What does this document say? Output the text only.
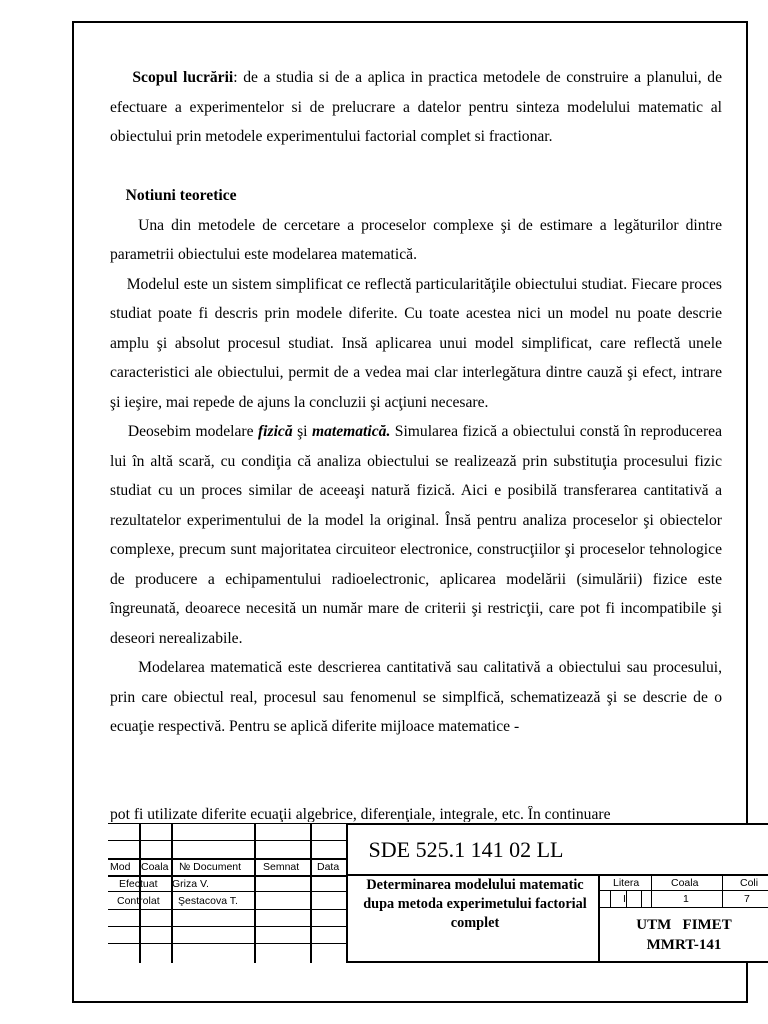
Scopul lucrării: de a studia si de a aplica in practica metodele de construire a planului, de efectuare a experimentelor si de prelucrare a datelor pentru sinteza modelului matematic al obiectului prin metodele experimentului factorial complet si fractionar.

Notiuni teoretice

Una din metodele de cercetare a proceselor complexe şi de estimare a legăturilor dintre parametrii obiectului este modelarea matematică.

Modelul este un sistem simplificat ce reflectă particularităţile obiectului studiat. Fiecare proces studiat poate fi descris prin modele diferite. Cu toate acestea nici un model nu poate descrie amplu şi absolut procesul studiat. Insă aplicarea unui model simplificat, care reflectă unele caracteristici ale obiectului, permit de a vedea mai clar interlegătura dintre cauză şi efect, intrare şi ieşire, mai repede de ajuns la concluzii şi acţiuni necesare.

Deosebim modelare fizică şi matematică. Simularea fizică a obiectului constă în reproducerea lui în altă scară, cu condiţia că analiza obiectului se realizează prin substituţia procesului fizic studiat cu un proces similar de aceeaşi natură fizică. Aici e posibilă transferarea cantitativă a rezultatelor experimentului de la model la original. Însă pentru analiza proceselor şi obiectelor complexe, precum sunt majoritatea circuiteor electronice, construcţiilor şi proceselor tehnologice de producere a echipamentului radioelectronic, aplicarea modelării (simulării) fizice este îngreunată, deoarece necesită un număr mare de criterii şi restricţii, care pot fi incompatibile şi deseori nerealizabile.

Modelarea matematică este descrierea cantitativă sau calitativă a obiectului sau procesului, prin care obiectul real, procesul sau fenomenul se simplfică, schematizează şi se descrie de o ecuaţie respectivă. Pentru se aplică diferite mijloace matematice -

pot fi utilizate diferite ecuaţii algebrice, diferenţiale, integrale, etc. În continuare
Mod Coala № Document Semnat Data
Efectuat Griza V.
Controlat Şestacova T.
SDE 525.1 141 02 LL
Determinarea modelului matematic dupa metoda experimetului factorial complet
Litera	Coala	Coli
I	1	7
UTM   FIMET
MMRT-141
